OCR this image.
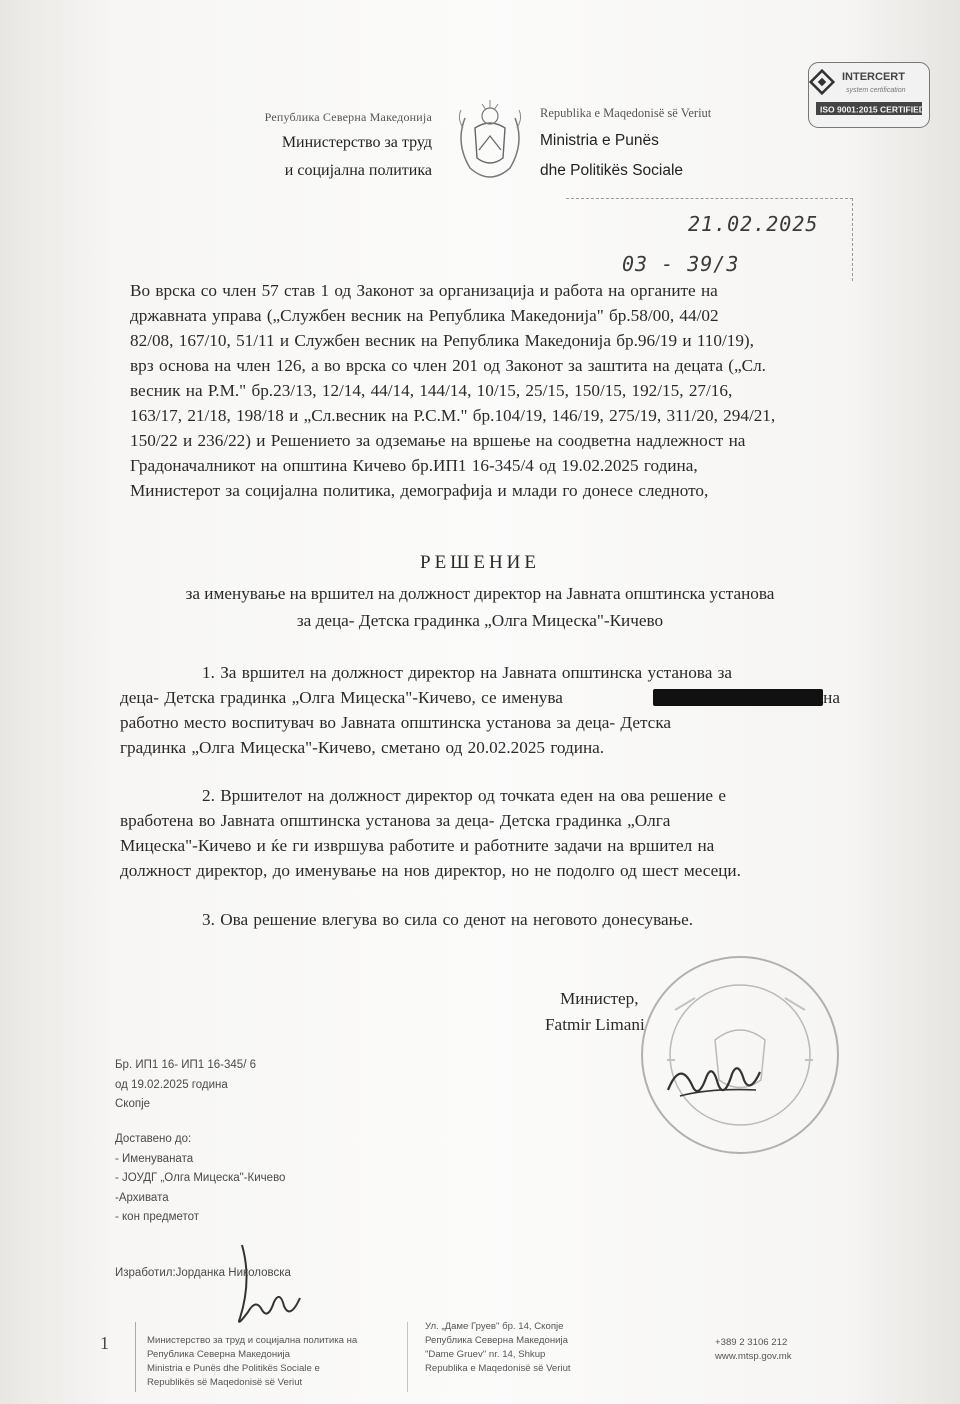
Република Северна Македонија
Министерство за труд
и социјална политика
Republika e Maqedonisë së Veriut
Ministria e Punës
dhe Politikës Sociale
INTERCERT
system certification
ISO 9001:2015 CERTIFIED
21.02.2025
03 - 39/3
Во врска со член 57 став 1 од Законот за организација и работа на органите на
државната управа („Службен весник на Република Македонија" бр.58/00, 44/02
82/08, 167/10, 51/11 и Службен весник на Република Македонија бр.96/19 и 110/19),
врз основа на член 126, а во врска со член 201 од Законот за заштита на децата („Сл.
весник на Р.М." бр.23/13, 12/14, 44/14, 144/14, 10/15, 25/15, 150/15, 192/15, 27/16,
163/17, 21/18, 198/18 и „Сл.весник на Р.С.М." бр.104/19, 146/19, 275/19, 311/20, 294/21,
150/22 и 236/22) и Решението за одземање на вршење на соодветна надлежност на
Градоначалникот на општина Кичево бр.ИП1 16-345/4 од 19.02.2025 година,
Министерот за социјална политика, демографија и млади го донесе следното,
РЕШЕНИЕ
за именување на вршител на должност директор на Јавната општинска установа
за деца- Детска градинка „Олга Мицеска"-Кичево
1. За вршител на должност директор на Јавната општинска установа за
деца- Детска градинка „Олга Мицеска"-Кичево, се именува	на
работно место воспитувач во Јавната општинска установа за деца- Детска
градинка „Олга Мицеска"-Кичево, сметано од 20.02.2025 година.
2. Вршителот на должност директор од точката еден на ова решение е
вработена во Јавната општинска установа за деца- Детска градинка „Олга
Мицеска"-Кичево и ќе ги извршува работите и работните задачи на вршител на
должност директор, до именување на нов директор, но не подолго од шест месеци.
3. Ова решение влегува во сила со денот на неговото донесување.
Министер,
Fatmir Limani
Бр. ИП1 16- ИП1 16-345/ 6
од 19.02.2025 година
Скопје
Доставено до:
- Именуваната
- ЈОУДГ „Олга Мицеска"-Кичево
-Архивата
- кон предметот
Изработил:Јорданка Николовска
1	Министерство за труд и социјална политика на
Република Северна Македонија
Ministria e Punës dhe Politikës Sociale e
Republikës së Maqedonisë së Veriut
Ул. „Даме Груев" бр. 14, Скопје
Република Северна Македонија
"Dame Gruev" nr. 14, Shkup
Republika e Maqedonisë së Veriut
+389 2 3106 212
www.mtsp.gov.mk
